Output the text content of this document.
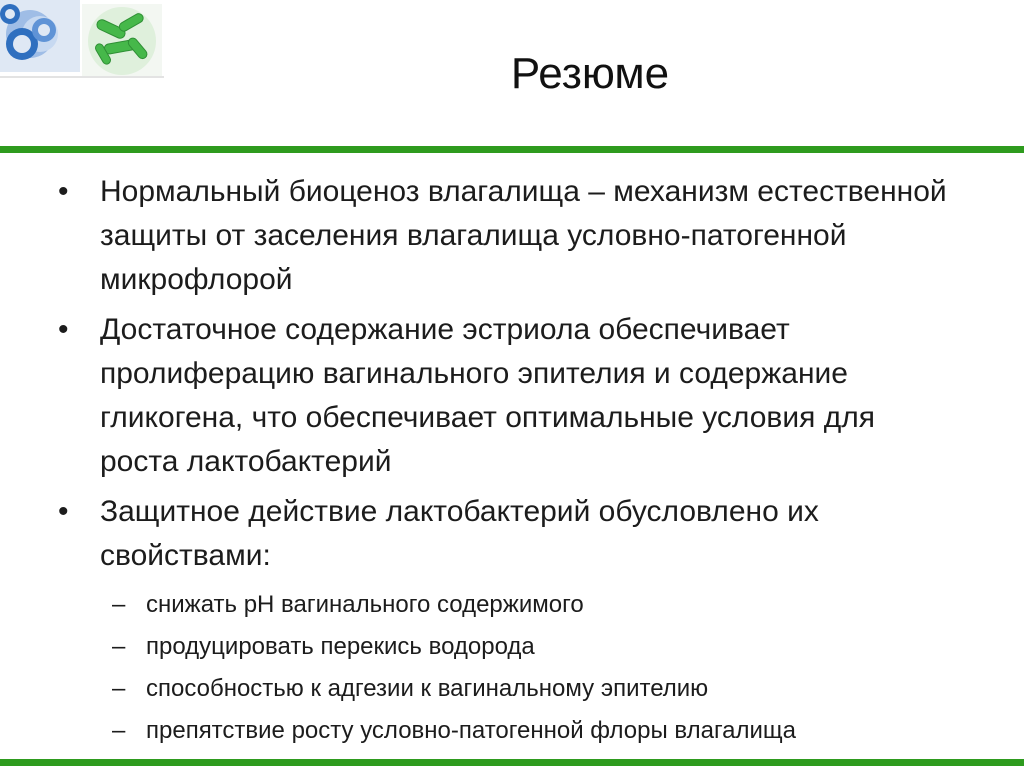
Резюме
• Нормальный биоценоз влагалища – механизм естественной защиты от заселения влагалища условно-патогенной микрофлорой
• Достаточное содержание эстриола обеспечивает пролиферацию вагинального эпителия и содержание гликогена, что обеспечивает оптимальные условия для роста лактобактерий
• Защитное действие лактобактерий обусловлено их свойствами:
– снижать рН вагинального содержимого
– продуцировать перекись водорода
– способностью к адгезии к вагинальному эпителию
– препятствие росту условно-патогенной флоры влагалища
